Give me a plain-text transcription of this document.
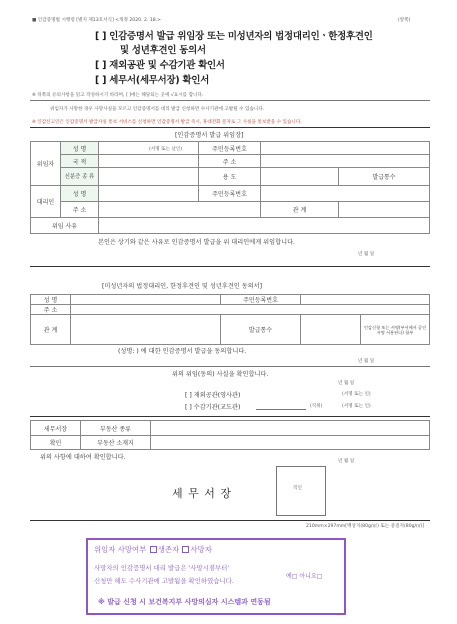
■ 인감증명법 시행령 [별지 제13호서식] <개정 2020. 2. 18.>	(앞쪽)
[ ] 인감증명서 발급 위임장 또는 미성년자의 법정대리인ㆍ한정후견인
및 성년후견인 동의서
[ ] 재외공관 및 수감기관 확인서
[ ] 세무서(세무서장) 확인서
※ 뒤쪽의 유의사항을 읽고 작성하시기 바라며, [ ]에는 해당되는 곳에 √표시를 합니다.
위임자가 사망한 경우 사망사실을 모르고 인감증명서를 대리 발급 신청하면 수사기관에 고발될 수 있습니다.
※ 인감신고인은 인감증명서 발급사실 통보 서비스를 신청하면 인감증명서 발급 즉시, 휴대전화 문자로 그 사실을 통보받을 수 있습니다.
[인감증명서 발급 위임장]
위임자	성 명	(서명 또는 날인)	주민등록번호		
	국 적		주 소		
	신분증 종 류		용 도		발급통수
대리인	성 명		주민등록번호		
	주 소			관 계	
위임 사유					
본인은 상기와 같은 사유로 인감증명서 발급을 위 대리인에게 위임합니다.
년 월 일
[미성년자의 법정대리인, 한정후견인 및 성년후견인 동의서]
성 명		주민등록번호		
주 소				
관 계		발급통수		인감신청 또는 서명(부서에서 공인서명 서용된다) 함부
(성명: ) 에 대한 인감증명서 발급을 동의합니다.
년 월 일
위의 위임(동의) 사실을 확인합니다.
년 월 일
[ ] 재외공관(영사관)	(서명 또는 인)
[ ] 수감기관(교도관)	(직위)	(서명 또는 인)
세무서장	부동산 종류	
확인	부동산 소재지	
위의 사항에 대하여 확인합니다.
년 월 일
세 무 서 장	직인
210mm×297mm[백상지(80g/㎡) 또는 중질지(80g/㎡)]
위임자 사망여부 생존자 사망자
사망자의 인감증명서 대리 발급은 '사망시점부터'
신청만 해도 수사기관에 고발됨을 확인하였습니다.
예□ 아니요□
※ 발급 신청 시 보건복지부 사망의심자 시스템과 연동됨
